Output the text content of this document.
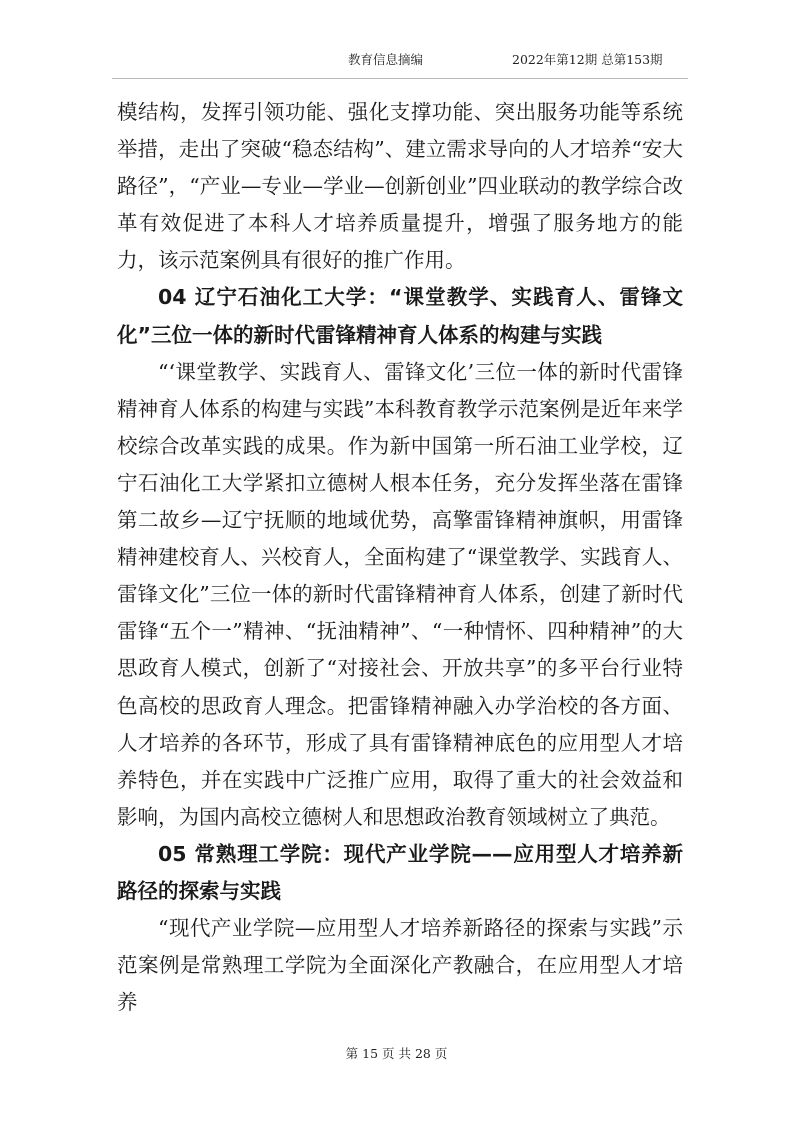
教育信息摘编	2022年第12期 总第153期

模结构，发挥引领功能、强化支撑功能、突出服务功能等系统举措，走出了突破“稳态结构”、建立需求导向的人才培养“安大路径”，“产业—专业—学业—创新创业”四业联动的教学综合改革有效促进了本科人才培养质量提升，增强了服务地方的能力，该示范案例具有很好的推广作用。

04 辽宁石油化工大学：“课堂教学、实践育人、雷锋文化”三位一体的新时代雷锋精神育人体系的构建与实践

“‘课堂教学、实践育人、雷锋文化’三位一体的新时代雷锋精神育人体系的构建与实践”本科教育教学示范案例是近年来学校综合改革实践的成果。作为新中国第一所石油工业学校，辽宁石油化工大学紧扣立德树人根本任务，充分发挥坐落在雷锋第二故乡—辽宁抚顺的地域优势，高擎雷锋精神旗帜，用雷锋精神建校育人、兴校育人，全面构建了“课堂教学、实践育人、雷锋文化”三位一体的新时代雷锋精神育人体系，创建了新时代雷锋“五个一”精神、“抚油精神”、“一种情怀、四种精神”的大思政育人模式，创新了“对接社会、开放共享”的多平台行业特色高校的思政育人理念。把雷锋精神融入办学治校的各方面、人才培养的各环节，形成了具有雷锋精神底色的应用型人才培养特色，并在实践中广泛推广应用，取得了重大的社会效益和影响，为国内高校立德树人和思想政治教育领域树立了典范。

05 常熟理工学院：现代产业学院——应用型人才培养新路径的探索与实践

“现代产业学院—应用型人才培养新路径的探索与实践”示范案例是常熟理工学院为全面深化产教融合，在应用型人才培养

第 15 页 共 28 页
